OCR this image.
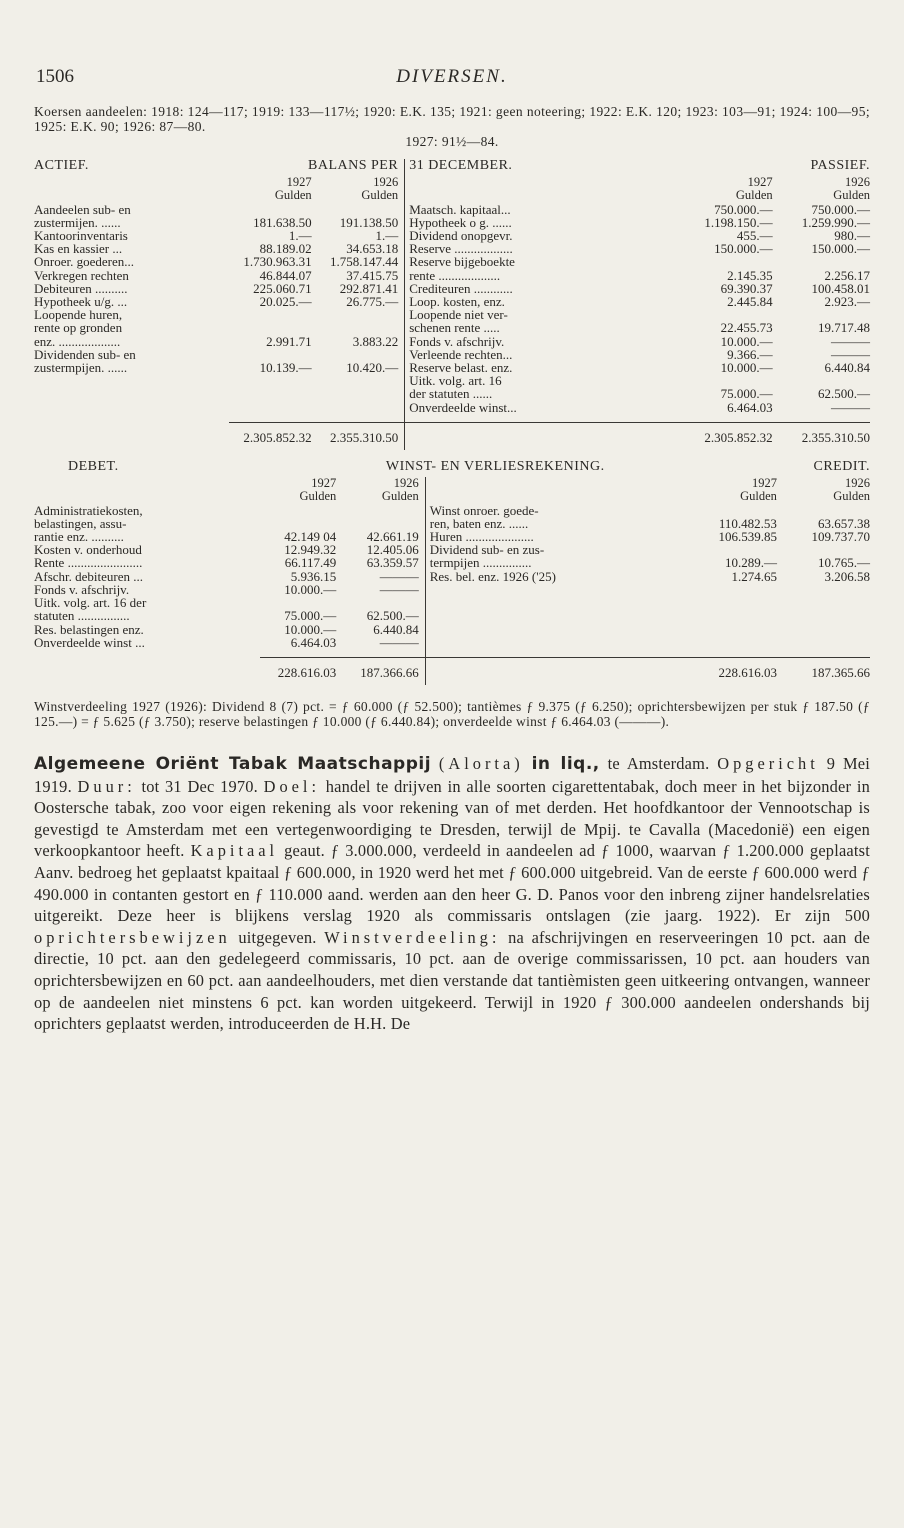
1506	DIVERSEN.
Koersen aandeelen: 1918: 124—117; 1919: 133—117½; 1920: E.K. 135; 1921: geen noteering; 1922: E.K. 120; 1923: 103—91; 1924: 100—95; 1925: E.K. 90; 1926: 87—80.
1927: 91½—84.
ACTIEF.	BALANS PER		31 DECEMBER.	PASSIEF.	
	1927	1926		1927	1926
	Gulden	Gulden		Gulden	Gulden
Aandeelen sub- en			Maatsch. kapitaal...	750.000.—	750.000.—
zustermijen. ......	181.638.50	191.138.50	Hypotheek o g. ......	1.198.150.—	1.259.990.—
Kantoorinventaris	1.—	1.—	Dividend onopgevr.	455.—	980.—
Kas en kassier ...	88.189.02	34.653.18	Reserve ..................	150.000.—	150.000.—
Onroer. goederen...	1.730.963.31	1.758.147.44	Reserve bijgeboekte		
Verkregen rechten	46.844.07	37.415.75	rente ...................	2.145.35	2.256.17
Debiteuren ..........	225.060.71	292.871.41	Crediteuren ............	69.390.37	100.458.01
Hypotheek u/g. ...	20.025.—	26.775.—	Loop. kosten, enz.	2.445.84	2.923.—
Loopende huren,			Loopende niet ver-		
rente op gronden			schenen rente .....	22.455.73	19.717.48
enz. ...................	2.991.71	3.883.22	Fonds v. afschrijv.	10.000.—	———
Dividenden sub- en			Verleende rechten...	9.366.—	———
zustermpijen. ......	10.139.—	10.420.—	Reserve belast. enz.	10.000.—	6.440.84
			Uitk. volg. art. 16		
			der statuten ......	75.000.—	62.500.—
			Onverdeelde winst...	6.464.03	———

	2.305.852.32	2.355.310.50		2.305.852.32	2.355.310.50
DEBET.	WINST- EN VERLIESREKENING.			CREDIT.	
	1927	1926		1927	1926
	Gulden	Gulden		Gulden	Gulden
Administratiekosten,			Winst onroer. goede-		
belastingen, assu-			ren, baten enz. ......	110.482.53	63.657.38
rantie enz. ..........	42.149 04	42.661.19	Huren .....................	106.539.85	109.737.70
Kosten v. onderhoud	12.949.32	12.405.06	Dividend sub- en zus-		
Rente .......................	66.117.49	63.359.57	termpijen ...............	10.289.—	10.765.—
Afschr. debiteuren ...	5.936.15	———	Res. bel. enz. 1926 ('25)	1.274.65	3.206.58
Fonds v. afschrijv.	10.000.—	———			
Uitk. volg. art. 16 der					
statuten ................	75.000.—	62.500.—			
Res. belastingen enz.	10.000.—	6.440.84			
Onverdeelde winst ...	6.464.03	———			

	228.616.03	187.366.66		228.616.03	187.365.66
Winstverdeeling 1927 (1926): Dividend 8 (7) pct. = ƒ 60.000 (ƒ 52.500); tantièmes ƒ 9.375 (ƒ 6.250); oprichtersbewijzen per stuk ƒ 187.50 (ƒ 125.—) = ƒ 5.625 (ƒ 3.750); reserve belastingen ƒ 10.000 (ƒ 6.440.84); onverdeelde winst ƒ 6.464.03 (———).
Algemeene Oriënt Tabak Maatschappij (Alorta) in liq., te Amsterdam. Opgericht 9 Mei 1919. Duur: tot 31 Dec 1970. Doel: handel te drijven in alle soorten cigarettentabak, doch meer in het bijzonder in Oostersche tabak, zoo voor eigen rekening als voor rekening van of met derden. Het hoofdkantoor der Vennootschap is gevestigd te Amsterdam met een vertegenwoordiging te Dresden, terwijl de Mpij. te Cavalla (Macedonië) een eigen verkoopkantoor heeft. Kapitaal geaut. ƒ 3.000.000, verdeeld in aandeelen ad ƒ 1000, waarvan ƒ 1.200.000 geplaatst Aanv. bedroeg het geplaatst kpaitaal ƒ 600.000, in 1920 werd het met ƒ 600.000 uitgebreid. Van de eerste ƒ 600.000 werd ƒ 490.000 in contanten gestort en ƒ 110.000 aand. werden aan den heer G. D. Panos voor den inbreng zijner handelsrelaties uitgereikt. Deze heer is blijkens verslag 1920 als commissaris ontslagen (zie jaarg. 1922). Er zijn 500 oprichtersbewijzen uitgegeven. Winstverdeeling: na afschrijvingen en reserveeringen 10 pct. aan de directie, 10 pct. aan den gedelegeerd commissaris, 10 pct. aan de overige commissarissen, 10 pct. aan houders van oprichtersbewijzen en 60 pct. aan aandeelhouders, met dien verstande dat tantièmisten geen uitkeering ontvangen, wanneer op de aandeelen niet minstens 6 pct. kan worden uitgekeerd. Terwijl in 1920 ƒ 300.000 aandeelen ondershands bij oprichters geplaatst werden, introduceerden de H.H. De
